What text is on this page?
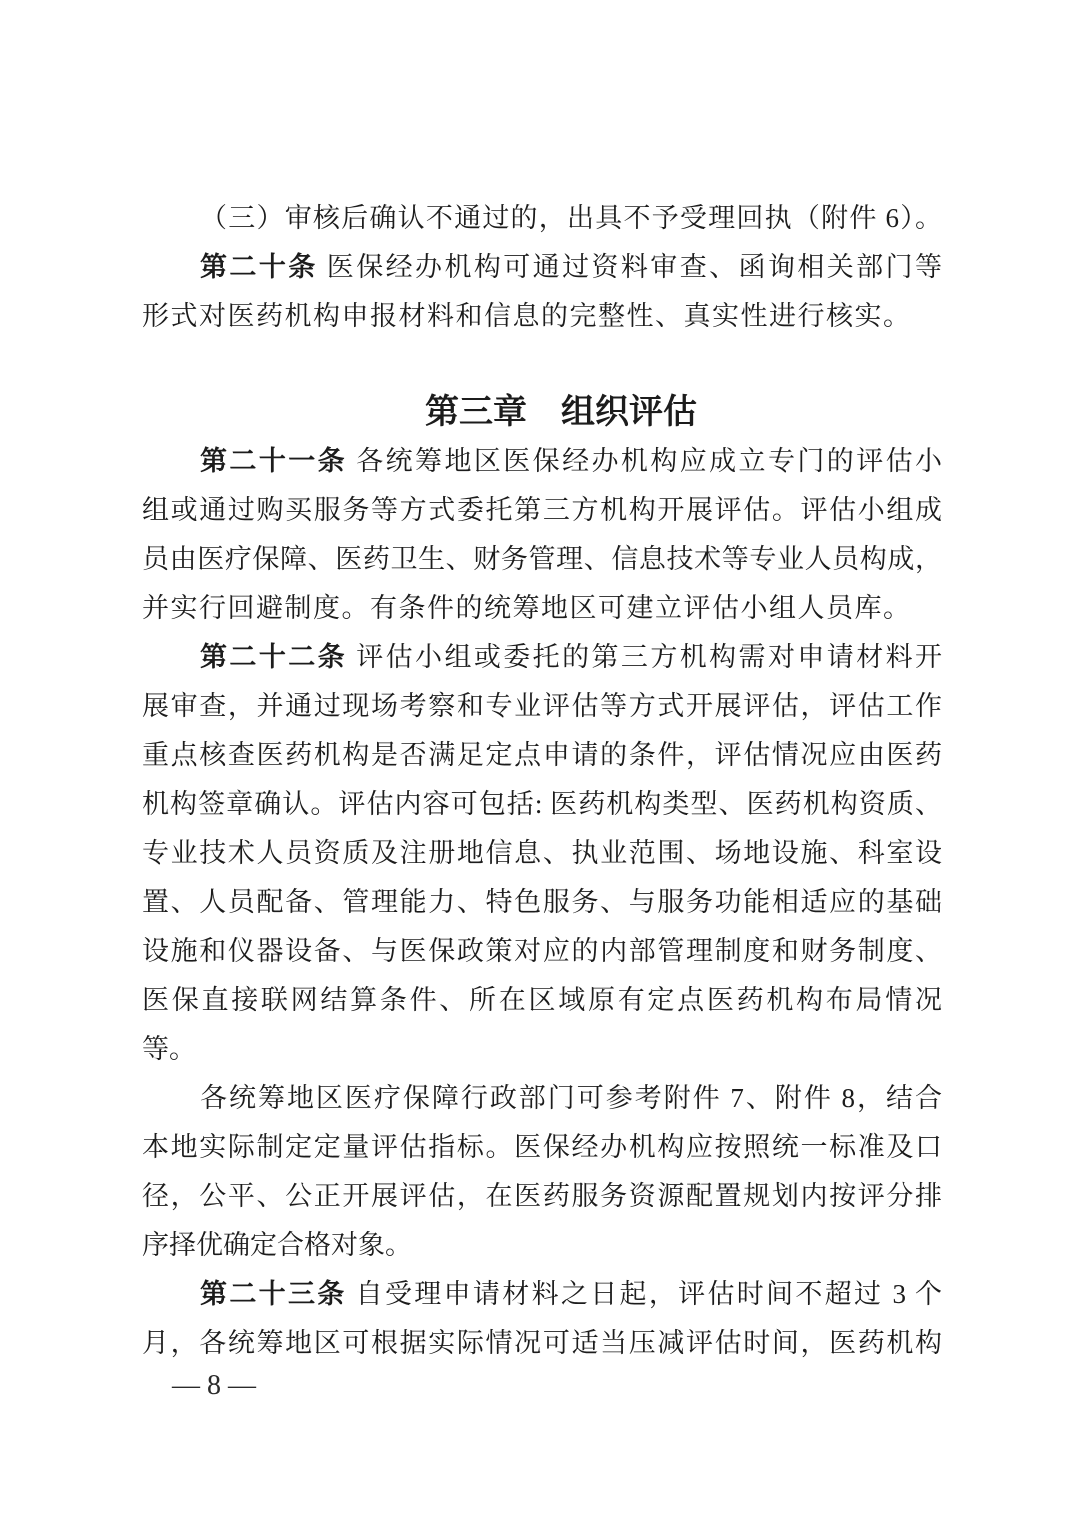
（三）审核后确认不通过的，出具不予受理回执（附件 6）。
第二十条 医保经办机构可通过资料审查、函询相关部门等
形式对医药机构申报材料和信息的完整性、真实性进行核实。
第三章　组织评估
第二十一条 各统筹地区医保经办机构应成立专门的评估小
组或通过购买服务等方式委托第三方机构开展评估。评估小组成
员由医疗保障、医药卫生、财务管理、信息技术等专业人员构成，
并实行回避制度。有条件的统筹地区可建立评估小组人员库。
第二十二条 评估小组或委托的第三方机构需对申请材料开
展审查，并通过现场考察和专业评估等方式开展评估，评估工作
重点核查医药机构是否满足定点申请的条件，评估情况应由医药
机构签章确认。评估内容可包括: 医药机构类型、医药机构资质、
专业技术人员资质及注册地信息、执业范围、场地设施、科室设
置、人员配备、管理能力、特色服务、与服务功能相适应的基础
设施和仪器设备、与医保政策对应的内部管理制度和财务制度、
医保直接联网结算条件、所在区域原有定点医药机构布局情况
等。
各统筹地区医疗保障行政部门可参考附件 7、附件 8，结合
本地实际制定定量评估指标。医保经办机构应按照统一标准及口
径，公平、公正开展评估，在医药服务资源配置规划内按评分排
序择优确定合格对象。
第二十三条 自受理申请材料之日起，评估时间不超过 3 个
月，各统筹地区可根据实际情况可适当压减评估时间，医药机构
— 8 —
